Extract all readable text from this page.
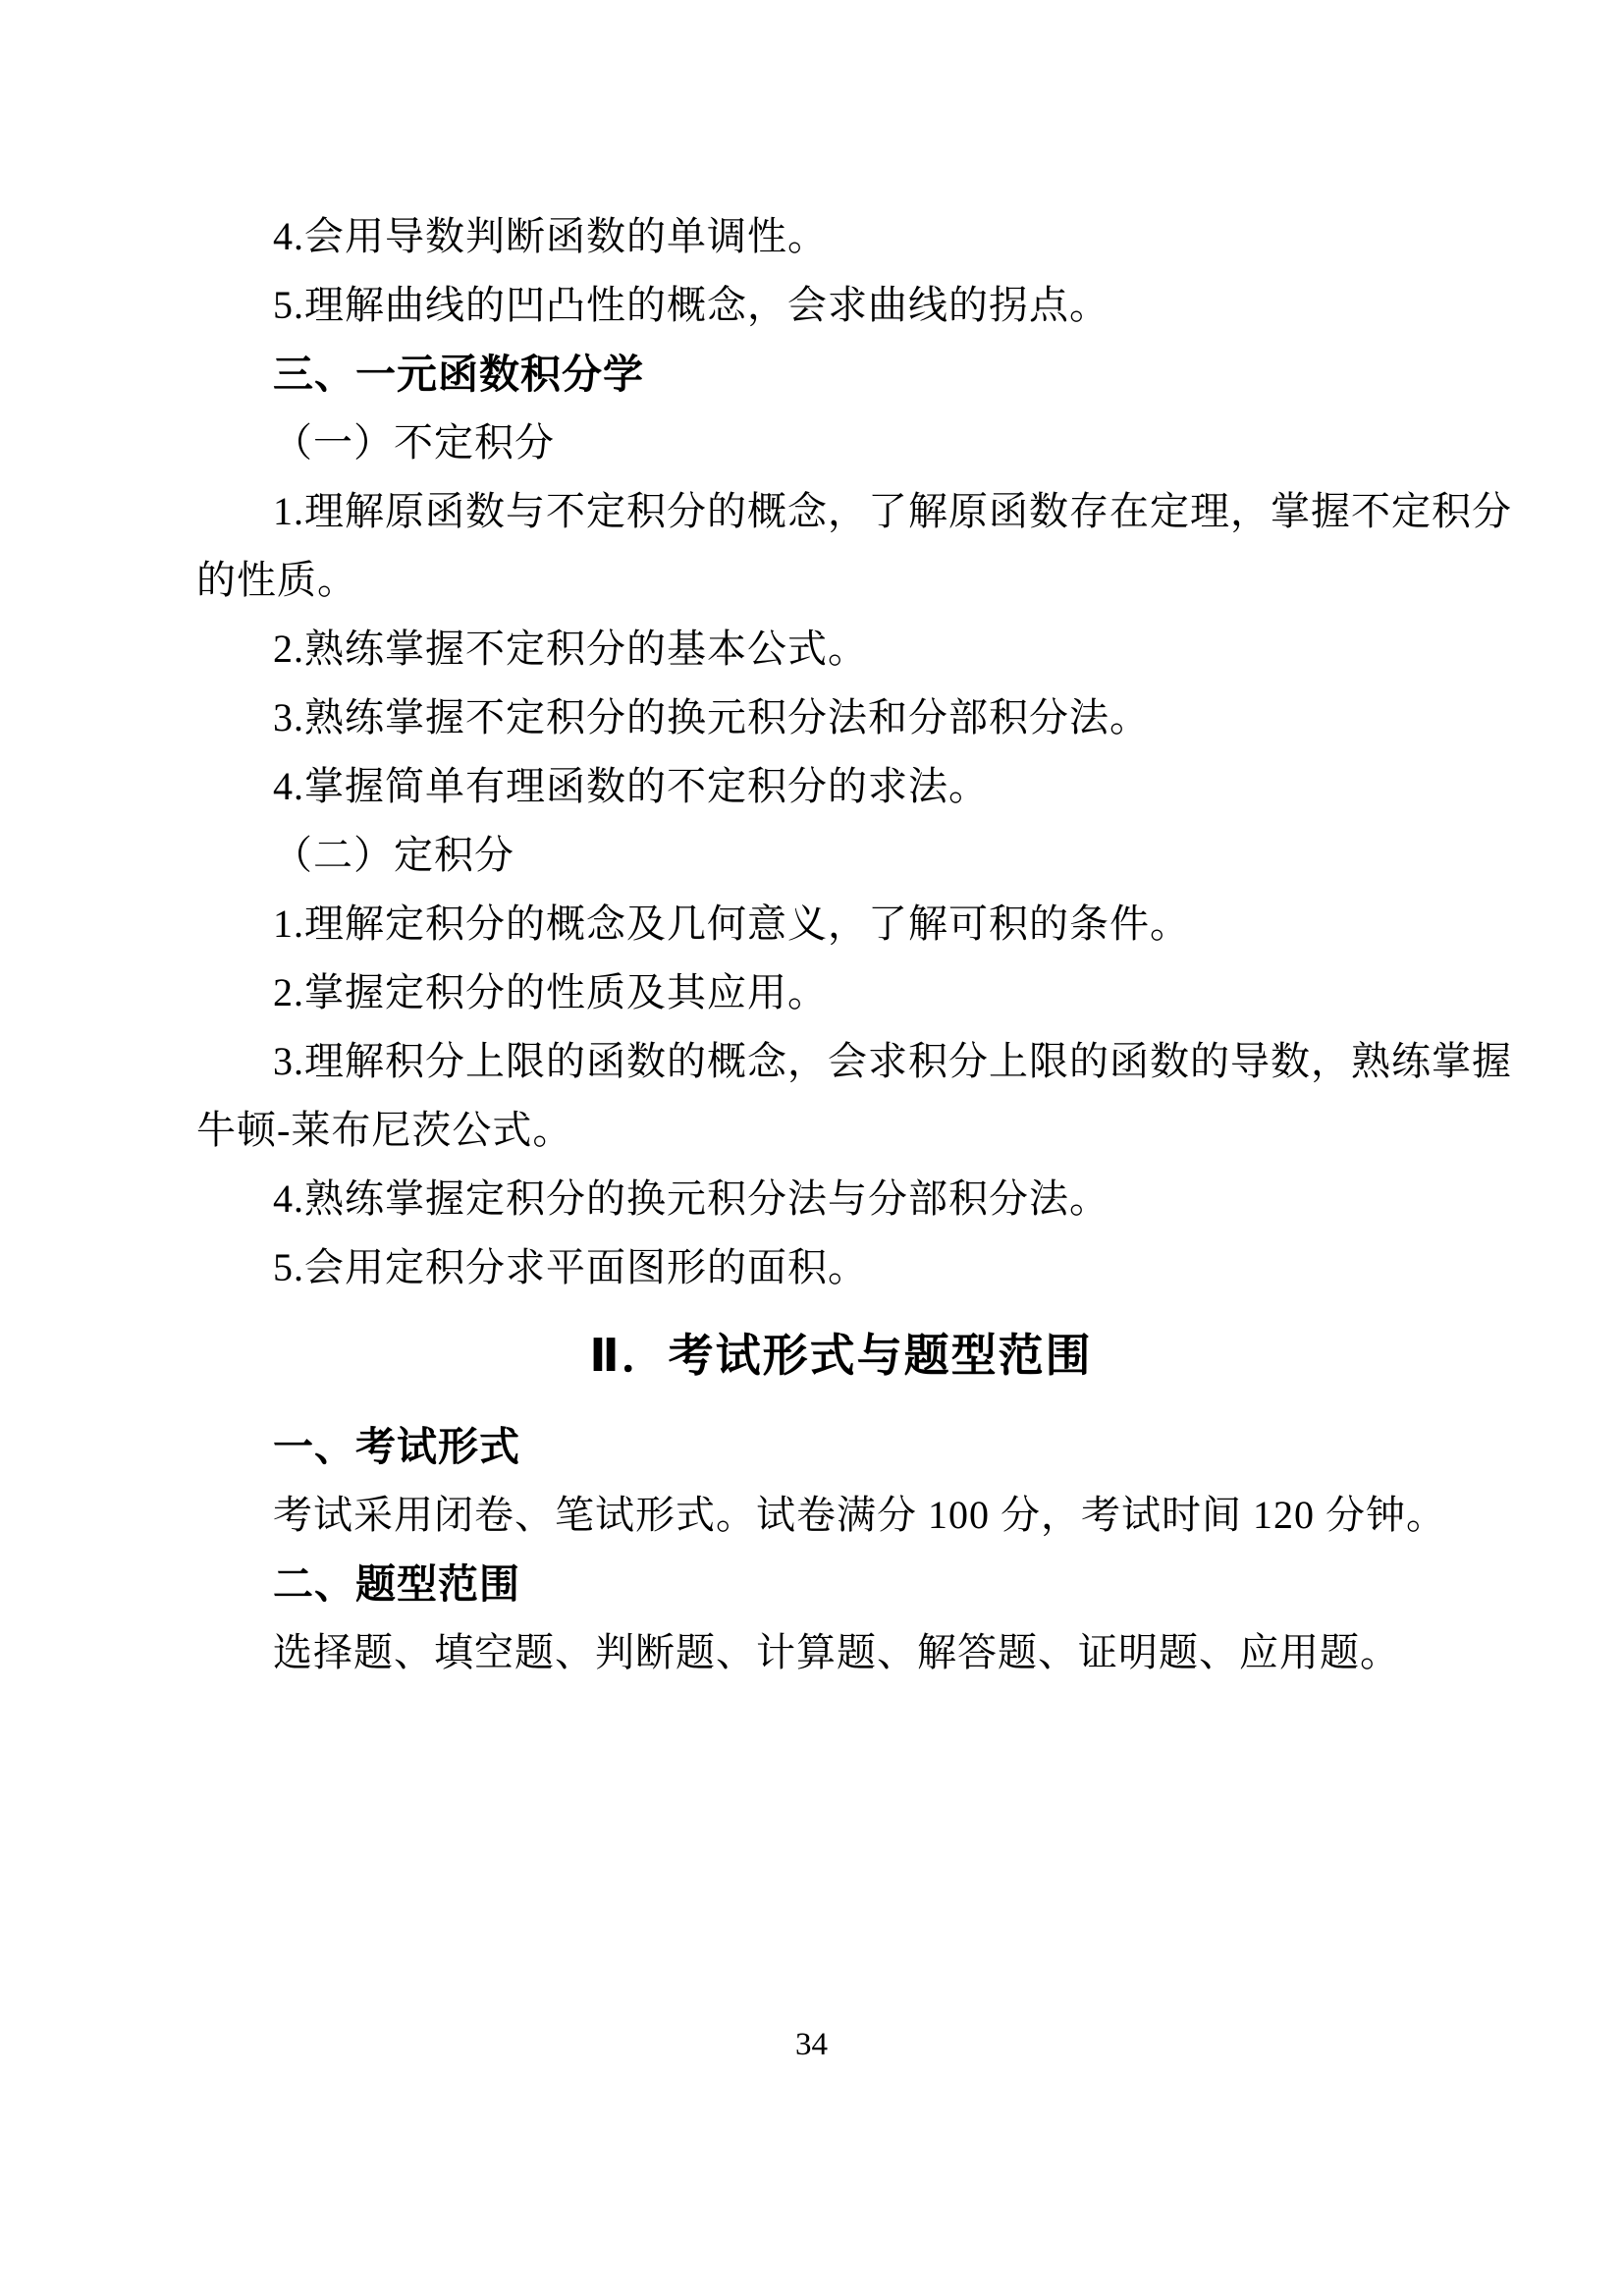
4.会用导数判断函数的单调性。
5.理解曲线的凹凸性的概念，会求曲线的拐点。
三、一元函数积分学
（一）不定积分
1.理解原函数与不定积分的概念，了解原函数存在定理，掌握不定积分
的性质。
2.熟练掌握不定积分的基本公式。
3.熟练掌握不定积分的换元积分法和分部积分法。
4.掌握简单有理函数的不定积分的求法。
（二）定积分
1.理解定积分的概念及几何意义，了解可积的条件。
2.掌握定积分的性质及其应用。
3.理解积分上限的函数的概念，会求积分上限的函数的导数，熟练掌握
牛顿-莱布尼茨公式。
4.熟练掌握定积分的换元积分法与分部积分法。
5.会用定积分求平面图形的面积。
Ⅱ．考试形式与题型范围
一、考试形式
考试采用闭卷、笔试形式。试卷满分 100 分，考试时间 120 分钟。
二、题型范围
选择题、填空题、判断题、计算题、解答题、证明题、应用题。
34
